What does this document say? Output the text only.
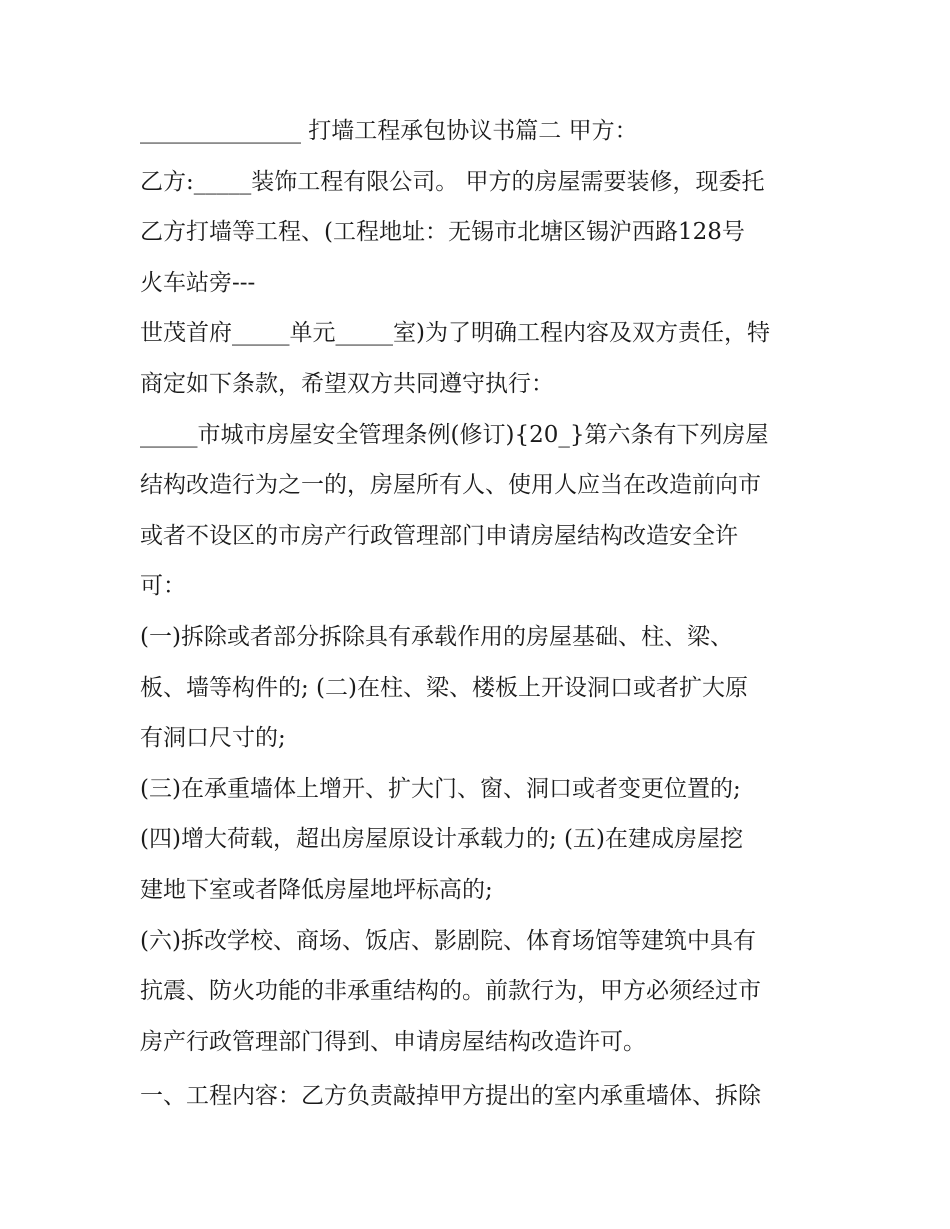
______________ 打墙工程承包协议书篇二 甲方：
乙方:_____装饰工程有限公司。 甲方的房屋需要装修，现委托
乙方打墙等工程、(工程地址：无锡市北塘区锡沪西路128号
火车站旁---
世茂首府_____单元_____室)为了明确工程内容及双方责任，特
商定如下条款，希望双方共同遵守执行：
_____市城市房屋安全管理条例(修订){20_}第六条有下列房屋
结构改造行为之一的，房屋所有人、使用人应当在改造前向市
或者不设区的市房产行政管理部门申请房屋结构改造安全许
可：
(一)拆除或者部分拆除具有承载作用的房屋基础、柱、梁、
板、墙等构件的; (二)在柱、梁、楼板上开设洞口或者扩大原
有洞口尺寸的;
(三)在承重墙体上增开、扩大门、窗、洞口或者变更位置的;
(四)增大荷载，超出房屋原设计承载力的; (五)在建成房屋挖
建地下室或者降低房屋地坪标高的;
(六)拆改学校、商场、饭店、影剧院、体育场馆等建筑中具有
抗震、防火功能的非承重结构的。前款行为，甲方必须经过市
房产行政管理部门得到、申请房屋结构改造许可。
一、工程内容：乙方负责敲掉甲方提出的室内承重墙体、拆除
